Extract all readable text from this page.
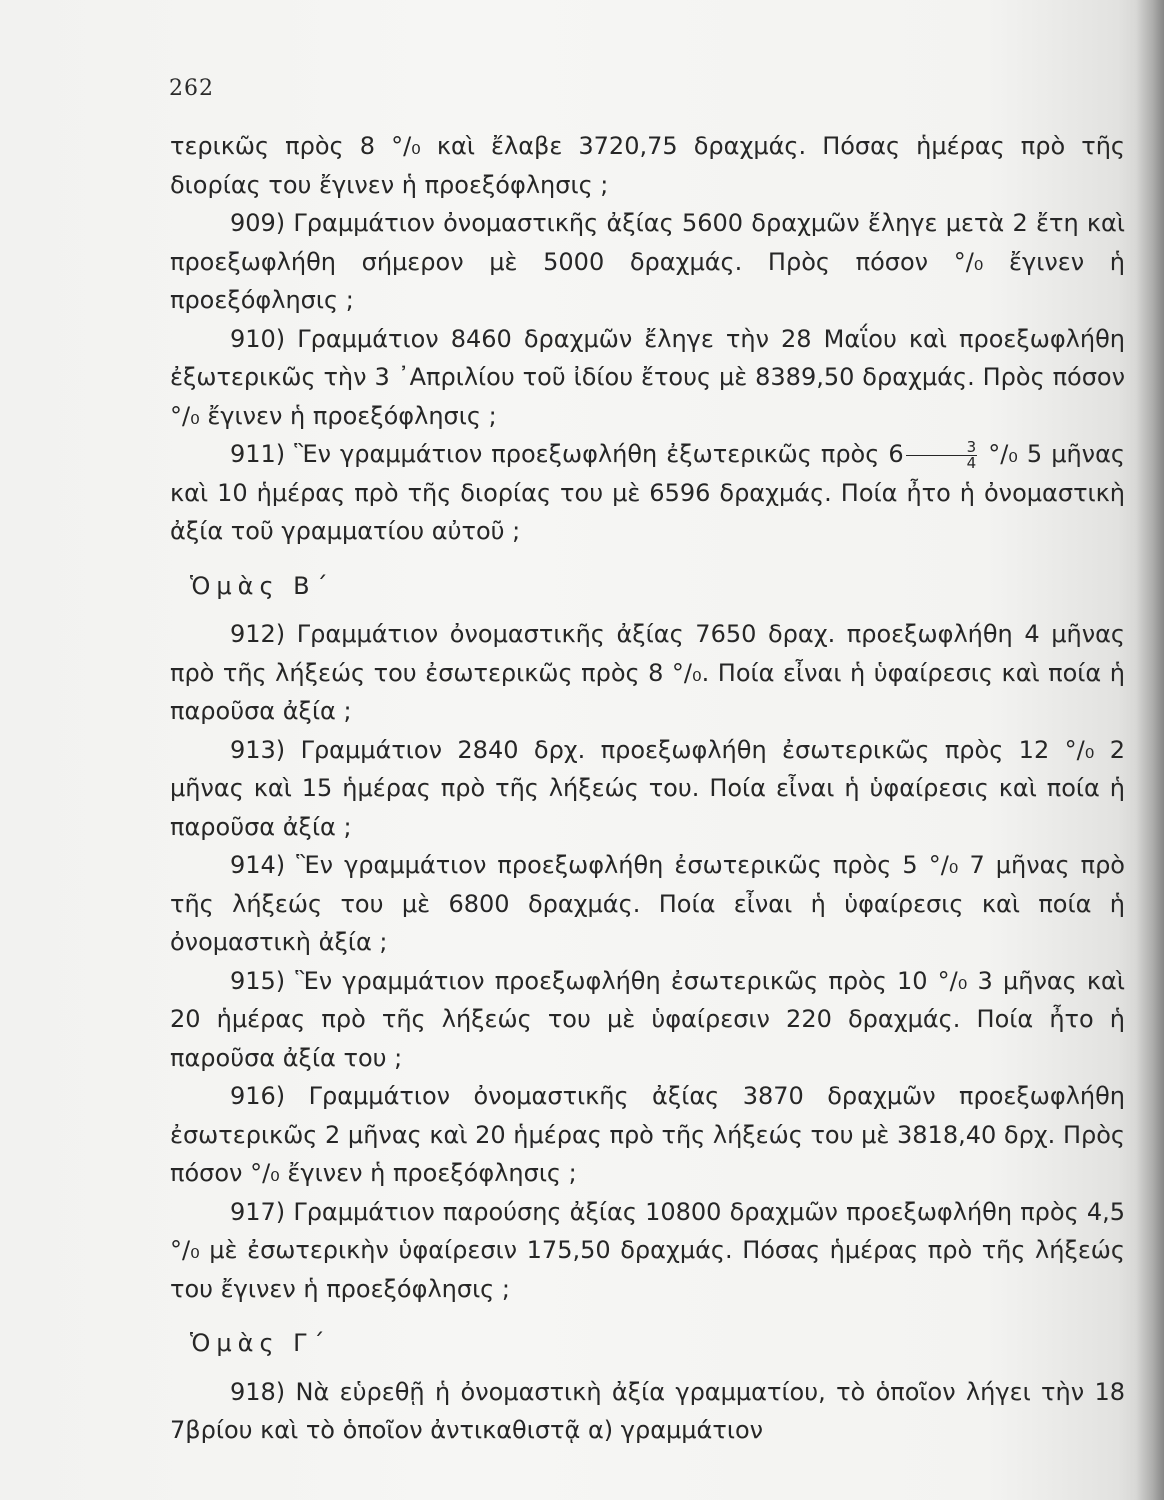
262

τερικῶς πρὸς 8 °/₀ καὶ ἔλαβε 3720,75 δραχμάς. Πόσας ἡμέρας πρὸ τῆς διορίας του ἔγινεν ἡ προεξόφλησις ;

909) Γραμμάτιον ὀνομαστικῆς ἀξίας 5600 δραχμῶν ἔληγε μετὰ 2 ἔτη καὶ προεξωφλήθη σήμερον μὲ 5000 δραχμάς. Πρὸς πόσον °/₀ ἔγινεν ἡ προεξόφλησις ;

910) Γραμμάτιον 8460 δραχμῶν ἔληγε τὴν 28 Μαΐου καὶ προεξωφλήθη ἐξωτερικῶς τὴν 3 ᾽Απριλίου τοῦ ἰδίου ἔτους μὲ 8389,50 δραχμάς. Πρὸς πόσον °/₀ ἔγινεν ἡ προεξόφλησις ;

911) Ἓν γραμμάτιον προεξωφλήθη ἐξωτερικῶς πρὸς $6 \frac{3}{4} ^\circ/_0$ 5 μῆνας καὶ 10 ἡμέρας πρὸ τῆς διορίας του μὲ 6596 δραχμάς. Ποία ἦτο ἡ ὀνομαστικὴ ἀξία τοῦ γραμματίου αὐτοῦ ;

Ὁμὰς Β΄

912) Γραμμάτιον ὀνομαστικῆς ἀξίας 7650 δραχ. προεξωφλήθη 4 μῆνας πρὸ τῆς λήξεώς του ἐσωτερικῶς πρὸς 8 °/₀. Ποία εἶναι ἡ ὑφαίρεσις καὶ ποία ἡ παροῦσα ἀξία ;

913) Γραμμάτιον 2840 δρχ. προεξωφλήθη ἐσωτερικῶς πρὸς 12 °/₀ 2 μῆνας καὶ 15 ἡμέρας πρὸ τῆς λήξεώς του. Ποία εἶναι ἡ ὑφαίρεσις καὶ ποία ἡ παροῦσα ἀξία ;

914) Ἓν γραμμάτιον προεξωφλήθη ἐσωτερικῶς πρὸς 5 °/₀ 7 μῆνας πρὸ τῆς λήξεώς του μὲ 6800 δραχμάς. Ποία εἶναι ἡ ὑφαίρεσις καὶ ποία ἡ ὀνομαστικὴ ἀξία ;

915) Ἓν γραμμάτιον προεξωφλήθη ἐσωτερικῶς πρὸς 10 °/₀ 3 μῆνας καὶ 20 ἡμέρας πρὸ τῆς λήξεώς του μὲ ὑφαίρεσιν 220 δραχμάς. Ποία ἦτο ἡ παροῦσα ἀξία του ;

916) Γραμμάτιον ὀνομαστικῆς ἀξίας 3870 δραχμῶν προεξωφλήθη ἐσωτερικῶς 2 μῆνας καὶ 20 ἡμέρας πρὸ τῆς λήξεώς του μὲ 3818,40 δρχ. Πρὸς πόσον °/₀ ἔγινεν ἡ προεξόφλησις ;

917) Γραμμάτιον παρούσης ἀξίας 10800 δραχμῶν προεξωφλήθη πρὸς 4,5 °/₀ μὲ ἐσωτερικὴν ὑφαίρεσιν 175,50 δραχμάς. Πόσας ἡμέρας πρὸ τῆς λήξεώς του ἔγινεν ἡ προεξόφλησις ;

Ὁμὰς Γ΄

918) Νὰ εὑρεθῇ ἡ ὀνομαστικὴ ἀξία γραμματίου, τὸ ὁποῖον λήγει τὴν 18 7βρίου καὶ τὸ ὁποῖον ἀντικαθιστᾷ α) γραμμάτιον
